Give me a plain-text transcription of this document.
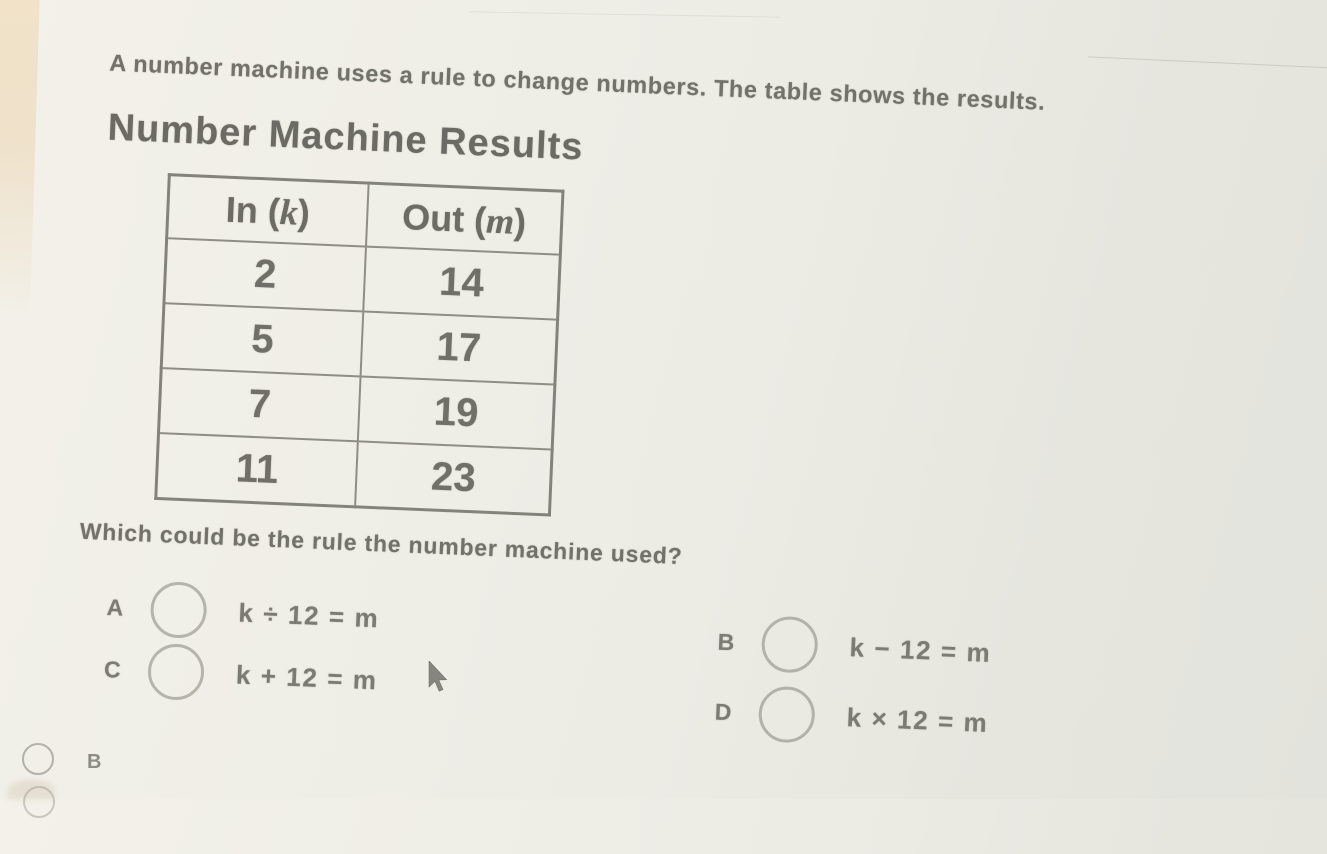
A number machine uses a rule to change numbers. The table shows the results.
Number Machine Results
In (k)	Out (m)
2	14
5	17
7	19
11	23
Which could be the rule the number machine used?
A	k ÷ 12 = m
B	k − 12 = m
C	k + 12 = m
D	k × 12 = m
B
